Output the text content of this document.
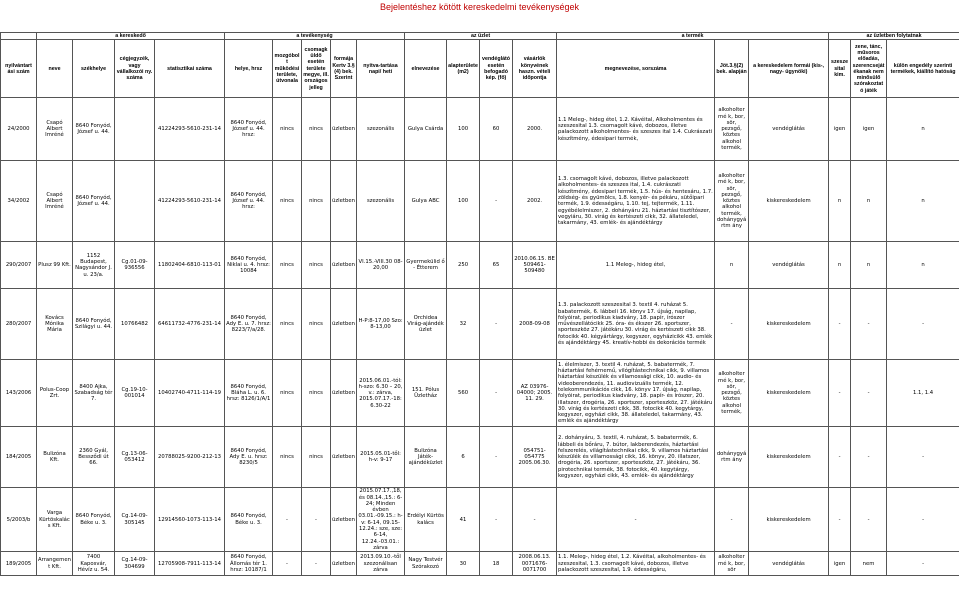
Bejelentéshez kötött kereskedelmi tevékenységek
	a kereskedő				a tevékenység					az üzlet				a termék			az üzletben folytatnak		
nyilvántart ási szám	neve	székhelye	cégjegyzék, vagy vállalkozói ny. száma	statisztikai száma	helye, hrsz	mozgóbolt működési területe, útvonala	csomagküldő esetén területe megye, ill. országos jelleg	formája Kertv 3.§ (4) bek. Szerint	nyitva-tartása napi/ heti	elnevezése	alapterülete (m2)	vendéglátó esetén befogadó kép. (fő)	vásárlók könyvének haszn. vételi időpontja	megnevezése, sorszáma	Jöt.3.§(2) bek. alapján	a kereskedelem formái (kis-, nagy- ügynöki)	szeszesital kim.	zene, tánc, műsoros előadás, szerencseját ékanak nem minősülő szórakoztat ó játék	külön engedély szerinti termékek, kiállító hatóság
24/2000	Csapó Albert Imréné	8640 Fonyód, József u. 44.		41224293-5610-231-14	8640 Fonyód, József u. 44. hrsz:	nincs	nincs	üzletben	szezonális	Gulya Csárda	100	60	2000.	1.1 Meleg-, hideg étel, 1.2. Kávéital, Alkoholmentes és szeszesital 1.3. csomagolt kávé, dobozos, illetve palackozott alkoholmentes- és szeszes ital 1.4. Cukrászati készítmény, édesipari termék,	alkoholtermé k, bor, sör, pezsgő, köztes alkohol termék,	vendéglátás	igen	igen	n
34/2002	Csapó Albert Imréné	8640 Fonyód, József u. 44.		41224293-5610-231-14	8640 Fonyód, József u. 44. hrsz:	nincs	nincs	üzletben	szezonális	Gulya ABC	100	-	2002.	1.3. csomagolt kávé, dobozos, illetve palackozott alkoholmentes- és szeszes ital, 1.4. cukrászati készítmény, édesipari termék, 1.5. hús- és hentesáru, 1.7. zöldség- és gyümölcs, 1.8. kenyér- és pékáru, sütőipari termék, 1.9. édességáru, 1.10. tej, tejtermék, 1.11. egyébélelmiszer, 2. dohányáru 21. háztartási tisztítószer, vegyiáru, 30. virág és kertészeti cikk, 32. állateledel, takarmány, 43. emlék- és ajándéktárgy	alkoholtermé k, bor, sör, pezsgő, köztes alkohol termék, dohánygyártm ány	kiskereskedelem	n	n	n
290/2007	Plusz 99 Kft.	1152 Budapest, Nagysándor J. u. 23/a.	Cg.01-09-936556	11802404-6810-113-01	8640 Fonyód, Niklai u. 4. hrsz: 10084	nincs	nincs	üzletben	VI.15.-VIII.30 08-20,00	Gyermekülid ő - Étterem	250	65	2010.06.15. BE 509461-509480	1.1 Meleg-, hideg étel,	n	vendéglátás	n	n	n
280/2007	Kovács Mónika Mária	8640 Fonyód, Szilágyi u. 44.	10766482	64611732-4776-231-14	8640 Fonyód, Ady E. u. 7. hrsz: 8223/7/a/28.	nincs	nincs	üzletben	H-P:8-17,00 Szo: 8-13,00	Orchidea Virág-ajándék üzlet	32	-	2008-09-08	1.3. palackozott szeszesital 3. textil 4. ruházat 5. babatermék, 6. lábbeli 16. könyv 17. újság, napilap, folyóirat, periodikus kiadvány, 18. papír, írószer művészellátócikk 25. óra- és ékszer 26. sportszer, sporteszköz 27. játékáru 30. virág és kertészeti cikk 38. fotocikk 40. kégyártárgy, kegyszer, egyházicikk 43. emlék és ajándéktárgy 45. kreatív-hobbi és dekorációs termék	-	kiskereskedelem	-	-	-
143/2006	Polus-Coop Zrt.	8400 Ajka, Szabadság tér 7.	Cg.19-10-001014	10402740-4711-114-19	8640 Fonyód, Bláha L. u. 6. hrsz: 8126/1/A/1	nincs	nincs	üzletben	2015.06.01.-tól: h-szo: 6.30 – 20, v.: zárva, 2015.07.17.-18: 6.30-22	151. Pólus Üzletház	560	-	AZ 03976-04000; 2005. 11. 29.	1. élelmiszer, 3. textil 4. ruházat, 5. babatermék, 7. háztartási fehérnemű, vilógítástechnikai cikk, 9. villamos háztartási készülék és villamossági cikk, 10. audio- és videoberendezés, 11. audiovizuális termék, 12. telekommunikációs cikk, 16. könyv 17. újság, napilap, folyóirat, periodikus kiadvány, 18. papír- és írószer, 20. illatszer, drogéria, 26. sportszer, sporteszköz, 27. játékáru 30. virág és kertészeti cikk, 38. fotocikk 40. kegytárgy, kegyszer, egyházi cikk, 38. állateledel, takarmány, 43. emlék és ajándéktárgy	alkoholtermé k, bor, sör, pezsgő, köztes alkohol termék,	kiskereskedelem	-	-	1.1, 1.4
184/2005	Bulizóna Kft.	2360 Gyál, Bessződi út 66.	Cg.13-06-053412	20788025-9200-212-13	8640 Fonyód, Ady E. u. hrsz: 8230/5	nincs	nincs	üzletben	2015.05.01-től: h-v: 9-17	Bulizóna Játék-ajándéküzlet	6	-	054751-054775 2005.06.30.	2. dohányáru, 3. textil, 4. ruházat, 5. babatermék, 6. lábbeli és bőráru, 7. bútor, lakberendezés, háztartási felszerelés, világítástechnikai cikk, 9. villamos háztartási készülék és villamossági cikk, 16. könyv, 20. illatszer, drogéria, 26. sportszer, sporteszköz, 27. játékáru, 36. pirotechnikai termék, 38. fotocikk, 40. kegytárgy, kegyszer, egyházi cikk, 43. emlék- és ajándéktárgy	dohánygyártm ány	kiskereskedelem	-	-	-
5/2003/b	Varga Kürtöskalács Kft.	8640 Fonyód, Béke u. 3.	Cg.14-09-305145	12914560-1073-113-14	8640 Fonyód, Béke u. 3.	-	-	üzletben	2015.07.17.,18, és 08.14.,15.: 6-24; Minden évben 03.01.-09.15.: h-v: 6-14, 09.15-12.24.: sze, sze: 6-14, 12.24.-03.01.: zárva	Erdélyi Kürtös kalács	41	-	-	-	-	kiskereskedelem	-	-	-
189/2005	Arrangemen t Kft.	7400 Kaposvár, Hévíz u. 54.	Cg.14-09-304699	12705908-7911-113-14	8640 Fonyód, Állomás tér 1. hrsz: 10187/1	-	-	üzletben	2013.09.10.-től szezonálisan zárva	Nagy Testvér Szórakozó	30	18	2008.06.13. 0071676-0071700	1.1. Meleg-, hideg étel, 1.2. Kávéital, alkoholmentes- és szeszesital, 1.3. csomagolt kávé, dobozos, illetve palackozott szeszesital, 1.9. édességáru,	alkoholtermé k, bor, sör	vendéglátás	igen	nem	-
